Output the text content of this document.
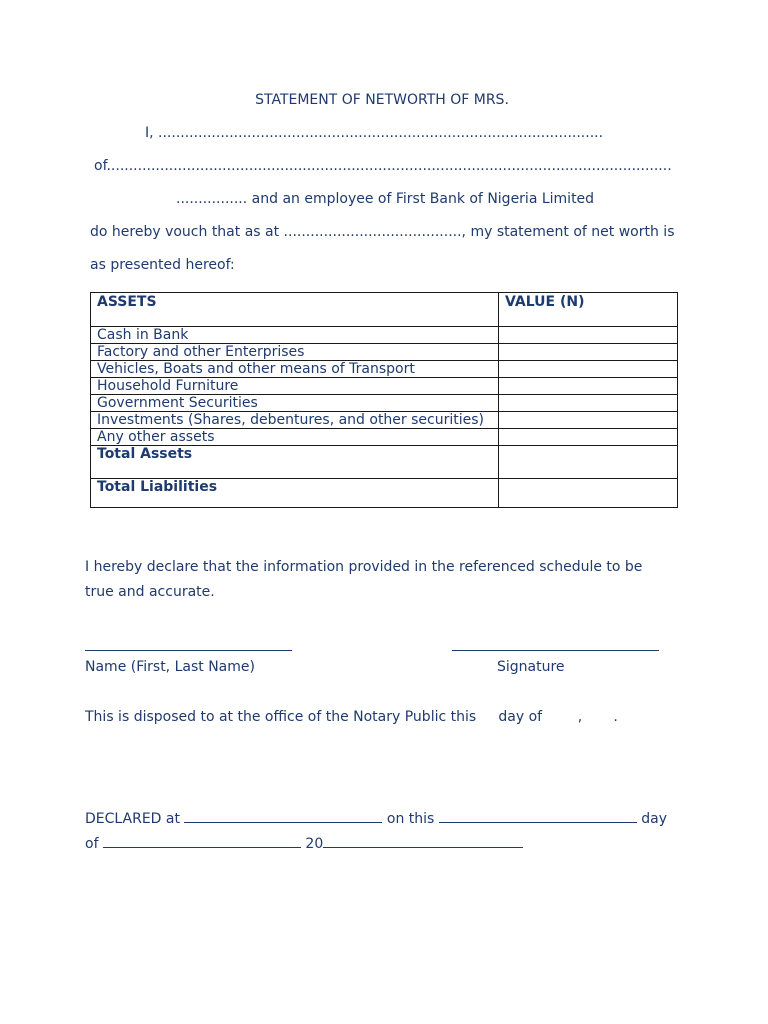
STATEMENT OF NETWORTH OF MRS.
I, ....................................................................................................
of...............................................................................................................................
................ and an employee of First Bank of Nigeria Limited
do hereby vouch that as at ........................................, my statement of net worth is
as presented hereof:
ASSETS	VALUE (N)
Cash in Bank	
Factory and other Enterprises	
Vehicles, Boats and other means of Transport	
Household Furniture	
Government Securities	
Investments (Shares, debentures, and other securities)	
Any other assets	
Total Assets	
Total Liabilities	
I hereby declare that the information provided in the referenced schedule to be
true and accurate.
Name (First, Last Name)	Signature
This is disposed to at the office of the Notary Public this     day of        ,       .
DECLARED at	on this	day
of	20
